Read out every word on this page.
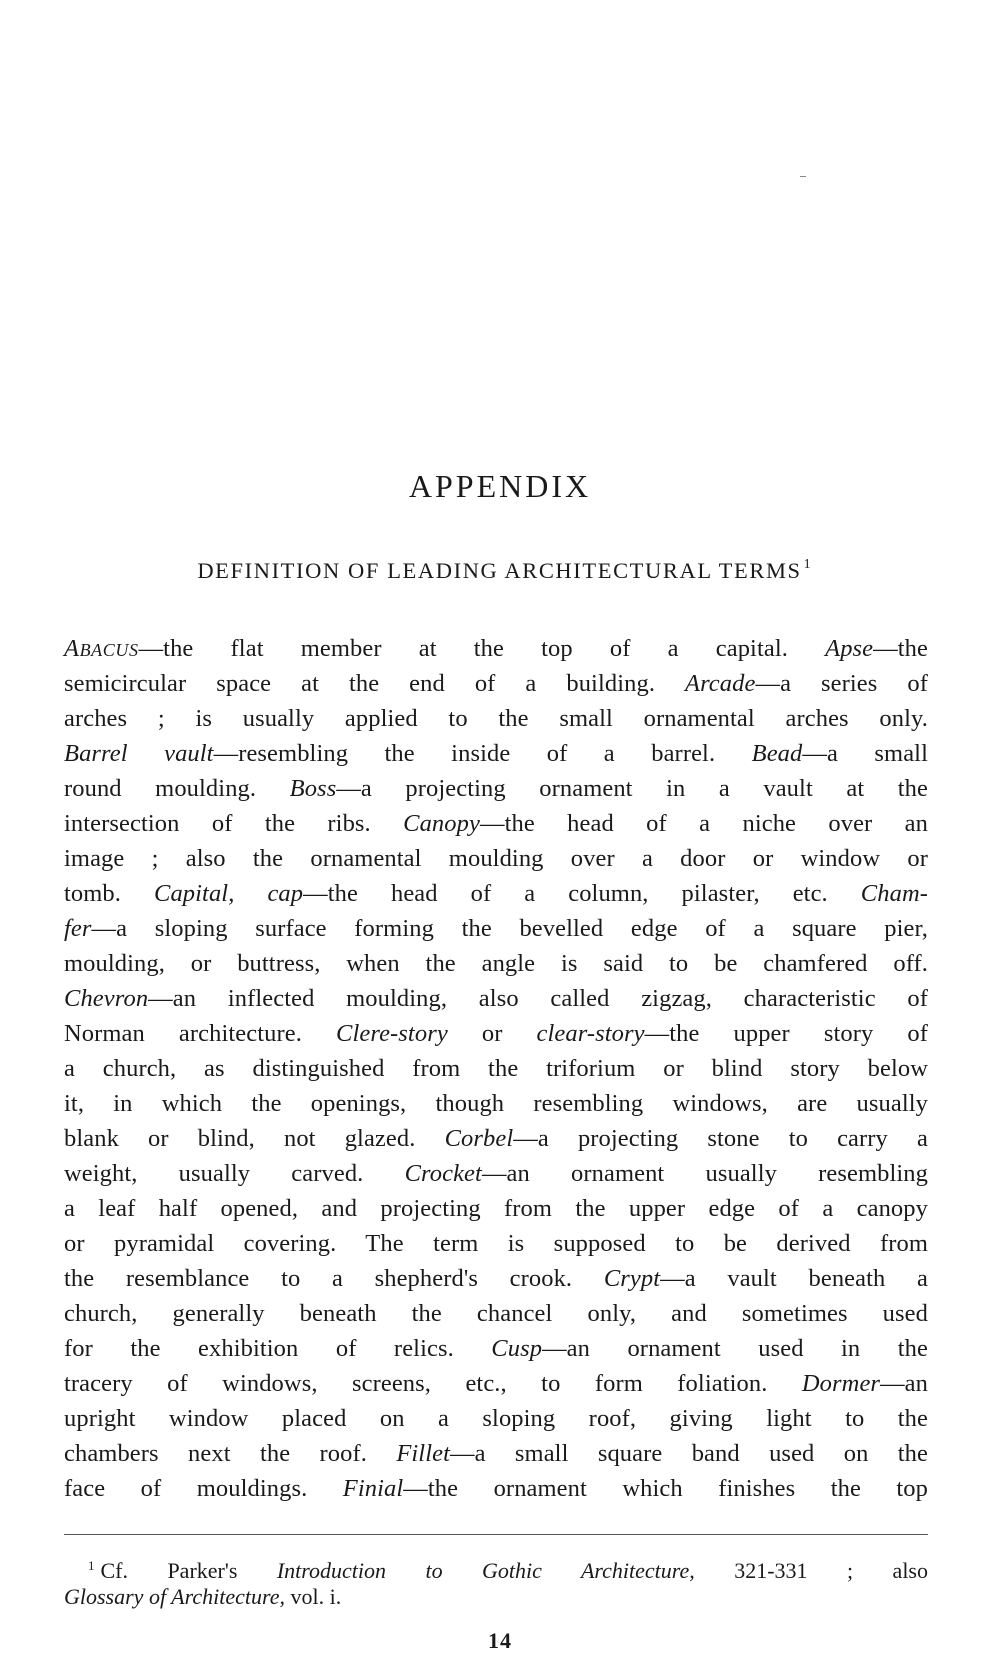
APPENDIX
DEFINITION OF LEADING ARCHITECTURAL TERMS $^1$
ABACUS—the flat member at the top of a capital. Apse—the
semicircular space at the end of a building. Arcade—a series of
arches ; is usually applied to the small ornamental arches only.
Barrel vault—resembling the inside of a barrel. Bead—a small
round moulding. Boss—a projecting ornament in a vault at the
intersection of the ribs. Canopy—the head of a niche over an
image ; also the ornamental moulding over a door or window or
tomb. Capital, cap—the head of a column, pilaster, etc. Cham-
fer—a sloping surface forming the bevelled edge of a square pier,
moulding, or buttress, when the angle is said to be chamfered off.
Chevron—an inflected moulding, also called zigzag, characteristic of
Norman architecture. Clere-story or clear-story—the upper story of
a church, as distinguished from the triforium or blind story below
it, in which the openings, though resembling windows, are usually
blank or blind, not glazed. Corbel—a projecting stone to carry a
weight, usually carved. Crocket—an ornament usually resembling
a leaf half opened, and projecting from the upper edge of a canopy
or pyramidal covering. The term is supposed to be derived from
the resemblance to a shepherd's crook. Crypt—a vault beneath a
church, generally beneath the chancel only, and sometimes used
for the exhibition of relics. Cusp—an ornament used in the
tracery of windows, screens, etc., to form foliation. Dormer—an
upright window placed on a sloping roof, giving light to the
chambers next the roof. Fillet—a small square band used on the
face of mouldings. Finial—the ornament which finishes the top
$^1$ Cf. Parker's Introduction to Gothic Architecture, 321-331 ; also
Glossary of Architecture, vol. i.
14
